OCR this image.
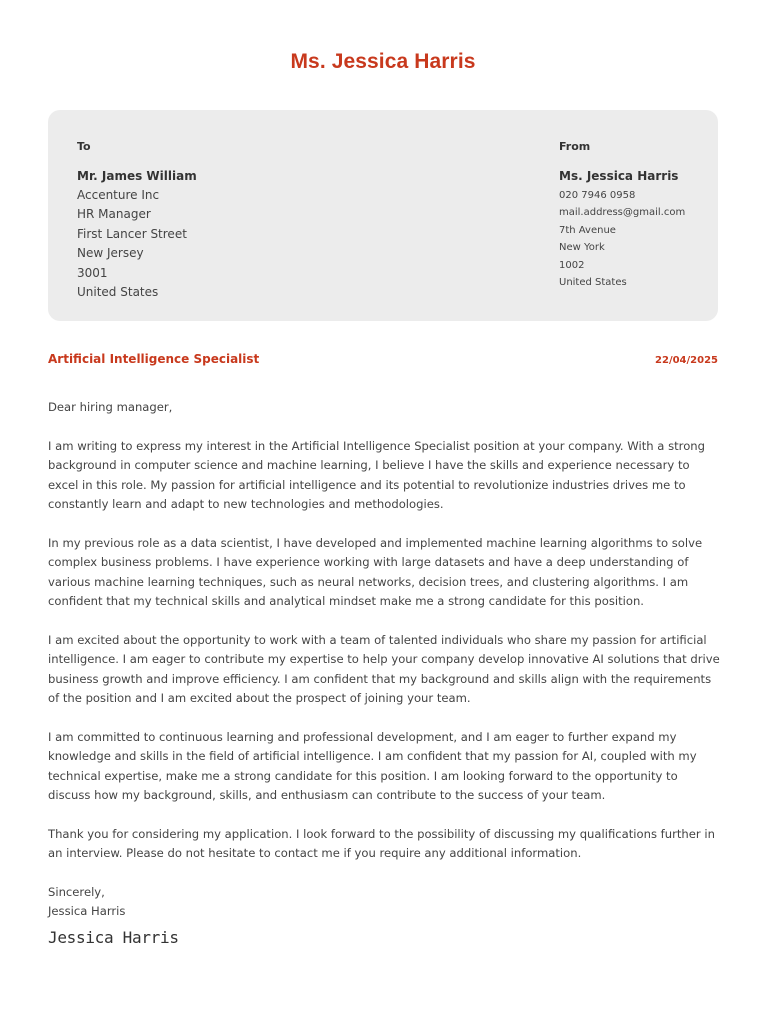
Ms. Jessica Harris
To
Mr. James William
Accenture Inc
HR Manager
First Lancer Street
New Jersey
3001
United States
From
Ms. Jessica Harris
020 7946 0958
mail.address@gmail.com
7th Avenue
New York
1002
United States
Artificial Intelligence Specialist	22/04/2025

Dear hiring manager,

I am writing to express my interest in the Artificial Intelligence Specialist position at your company. With a strong background in computer science and machine learning, I believe I have the skills and experience necessary to excel in this role. My passion for artificial intelligence and its potential to revolutionize industries drives me to constantly learn and adapt to new technologies and methodologies.

In my previous role as a data scientist, I have developed and implemented machine learning algorithms to solve complex business problems. I have experience working with large datasets and have a deep understanding of various machine learning techniques, such as neural networks, decision trees, and clustering algorithms. I am confident that my technical skills and analytical mindset make me a strong candidate for this position.

I am excited about the opportunity to work with a team of talented individuals who share my passion for artificial intelligence. I am eager to contribute my expertise to help your company develop innovative AI solutions that drive business growth and improve efficiency. I am confident that my background and skills align with the requirements of the position and I am excited about the prospect of joining your team.

I am committed to continuous learning and professional development, and I am eager to further expand my knowledge and skills in the field of artificial intelligence. I am confident that my passion for AI, coupled with my technical expertise, make me a strong candidate for this position. I am looking forward to the opportunity to discuss how my background, skills, and enthusiasm can contribute to the success of your team.

Thank you for considering my application. I look forward to the possibility of discussing my qualifications further in an interview. Please do not hesitate to contact me if you require any additional information.

Sincerely,
Jessica Harris
Jessica Harris
